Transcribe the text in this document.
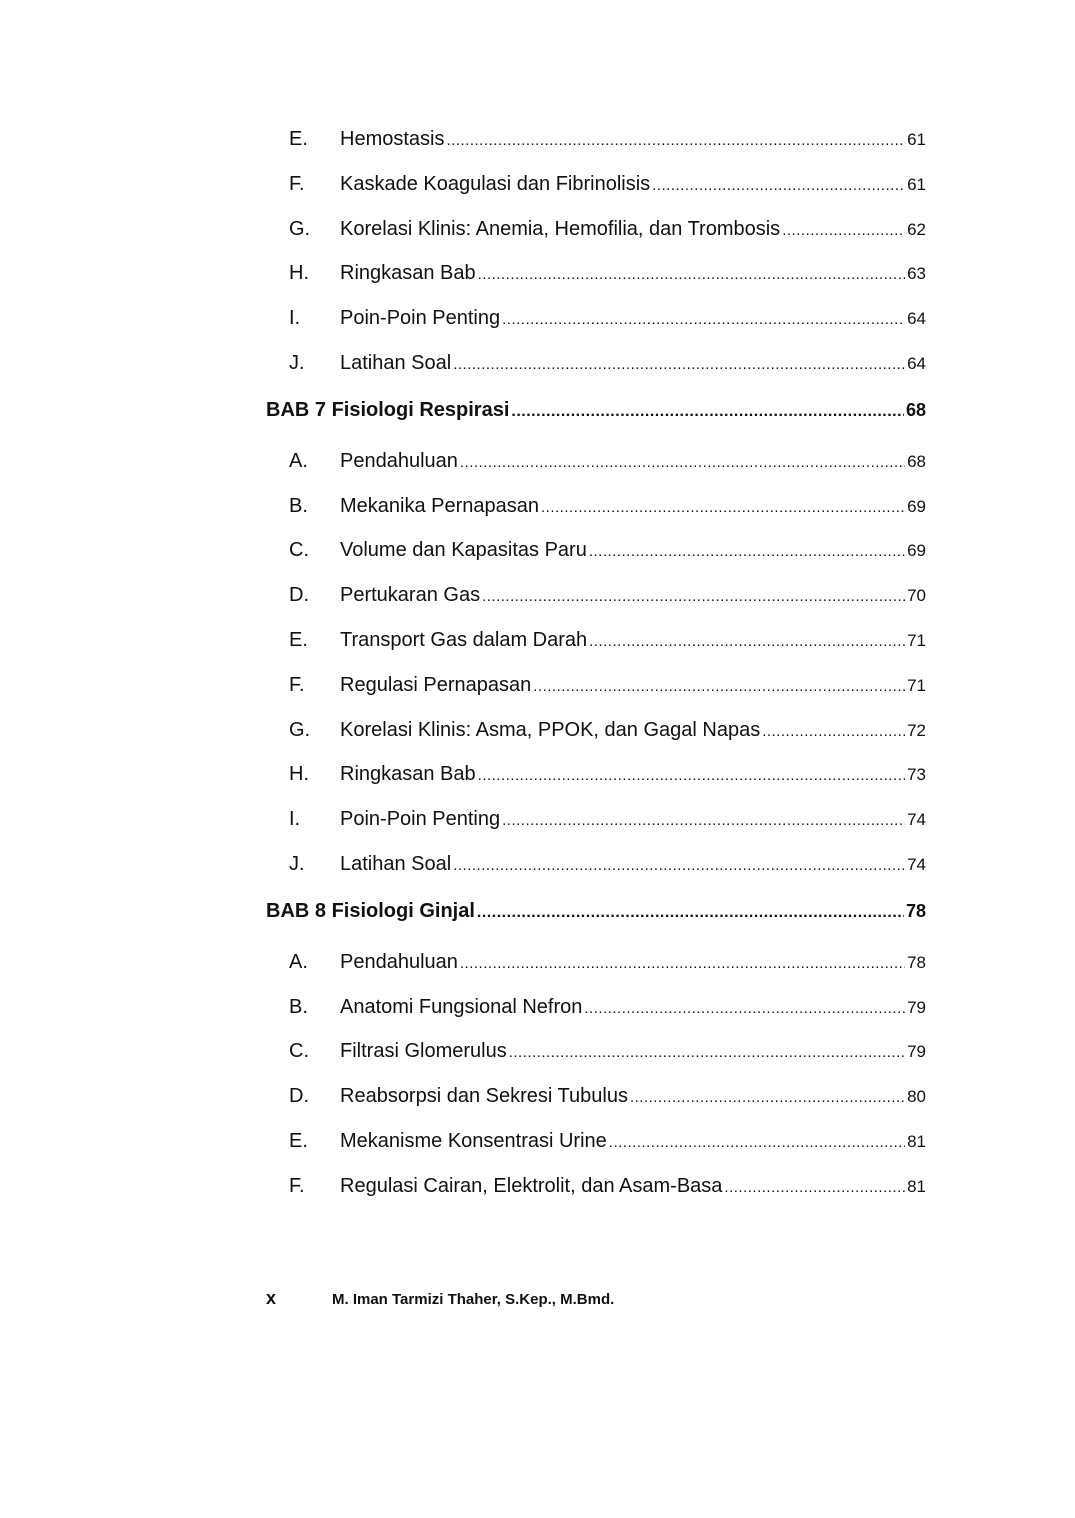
E.	Hemostasis .....	61
F.	Kaskade Koagulasi dan Fibrinolisis .....	61
G.	Korelasi Klinis: Anemia, Hemofilia, dan Trombosis .....	62
H.	Ringkasan Bab .....	63
I.	Poin-Poin Penting .....	64
J.	Latihan Soal .....	64
BAB 7 Fisiologi Respirasi .....	68
A.	Pendahuluan .....	68
B.	Mekanika Pernapasan .....	69
C.	Volume dan Kapasitas Paru .....	69
D.	Pertukaran Gas .....	70
E.	Transport Gas dalam Darah .....	71
F.	Regulasi Pernapasan .....	71
G.	Korelasi Klinis: Asma, PPOK, dan Gagal Napas .....	72
H.	Ringkasan Bab .....	73
I.	Poin-Poin Penting .....	74
J.	Latihan Soal .....	74
BAB 8 Fisiologi Ginjal .....	78
A.	Pendahuluan .....	78
B.	Anatomi Fungsional Nefron .....	79
C.	Filtrasi Glomerulus .....	79
D.	Reabsorpsi dan Sekresi Tubulus .....	80
E.	Mekanisme Konsentrasi Urine .....	81
F.	Regulasi Cairan, Elektrolit, dan Asam-Basa .....	81
x	M. Iman Tarmizi Thaher, S.Kep., M.Bmd.
